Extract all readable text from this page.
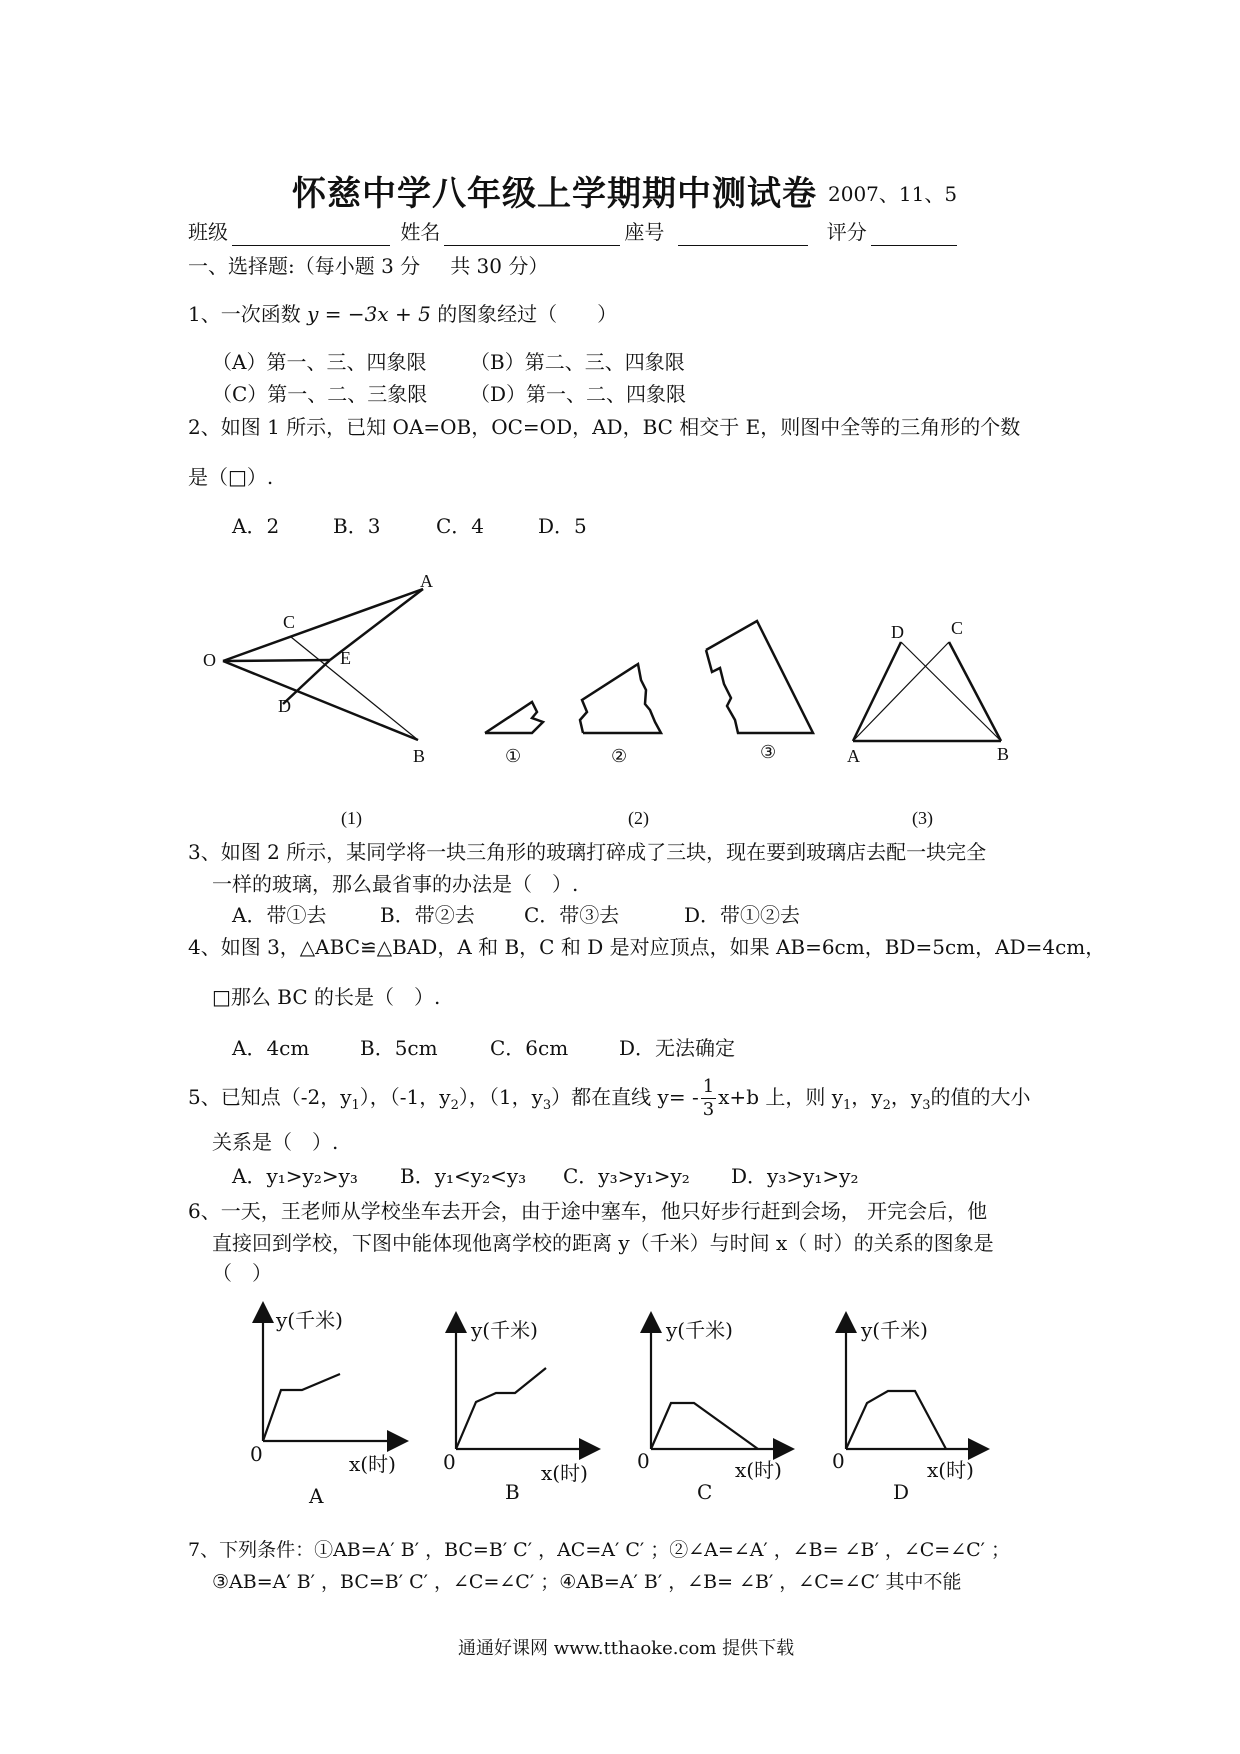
怀慈中学八年级上学期期中测试卷 2007、11、5
班级	姓名	座号	评分
一、选择题:（每小题 3 分 共 30 分）
1、一次函数 y = −3x + 5 的图象经过（　　）
（A）第一、三、四象限 （B）第二、三、四象限
（C）第一、二、三象限 （D）第一、二、四象限
2、如图 1 所示，已知 OA=OB，OC=OD，AD，BC 相交于 E，则图中全等的三角形的个数
是（□）.
A．2	B．3	C．4	D．5
A
C
O	E
D
B	①	②	③
D	C
A	B
(1)	(2)	(3)
3、如图 2 所示，某同学将一块三角形的玻璃打碎成了三块，现在要到玻璃店去配一块完全
一样的玻璃，那么最省事的办法是（　）.
A．带①去	B．带②去 C．带③去	D．带①②去
4、如图 3，△ABC≌△BAD，A 和 B，C 和 D 是对应顶点，如果 AB=6cm，BD=5cm，AD=4cm，
□那么 BC 的长是（　）.
A．4cm	B．5cm	C．6cm	D．无法确定
5、已知点（-2，$y_1$），（-1，$y_2$），（1，$y_3$）都在直线 $y= - \frac{1}{3} x+b$ 上，则 $y_1$，$y_2$，$y_3$的值的大小
关系是（　）.
A．y₁>y₂>y₃ B．y₁<y₂<y₃ C．y₃>y₁>y₂ D．y₃>y₁>y₂
6、一天，王老师从学校坐车去开会，由于途中塞车，他只好步行赶到会场， 开完会后，他
直接回到学校，下图中能体现他离学校的距离 y（千米）与时间 x（ 时）的关系的图象是
（　）
y(千米)
x(时)
0
A
y(千米)
x(时)
0
B
y(千米)
x(时)
0
C
y(千米)
x(时)
0
D
7、下列条件：①AB=A′ B′ ，BC=B′ C′ ，AC=A′ C′ ；②∠A=∠A′ ，∠B= ∠B′ ，∠C=∠C′ ；
③AB=A′ B′ ，BC=B′ C′ ，∠C=∠C′ ；④AB=A′ B′ ，∠B= ∠B′ ，∠C=∠C′ 其中不能
通通好课网 www.tthaoke.com 提供下载
